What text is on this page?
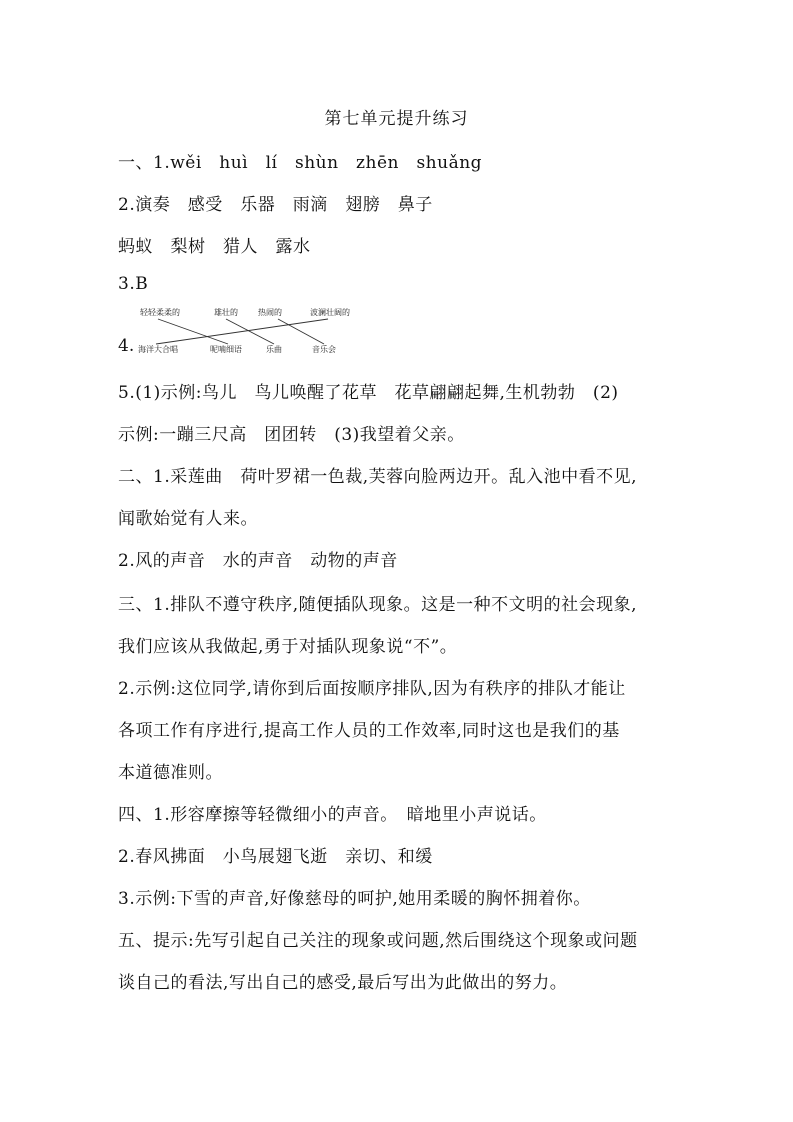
第七单元提升练习
一、1.wěi　huì　lí　shùn　zhēn　shuǎng
2.演奏　感受　乐器　雨滴　翅膀　鼻子
蚂蚁　梨树　猎人　露水
3.B
轻轻柔柔的	雄壮的	热闹的	波澜壮阔的
海洋大合唱	呢喃细语	乐曲	音乐会
4.
5.(1)示例:鸟儿　鸟儿唤醒了花草　花草翩翩起舞,生机勃勃　(2)
示例:一蹦三尺高　团团转　(3)我望着父亲。
二、1.采莲曲　荷叶罗裙一色裁,芙蓉向脸两边开。乱入池中看不见,
闻歌始觉有人来。
2.风的声音　水的声音　动物的声音
三、1.排队不遵守秩序,随便插队现象。这是一种不文明的社会现象,
我们应该从我做起,勇于对插队现象说“不”。
2.示例:这位同学,请你到后面按顺序排队,因为有秩序的排队才能让
各项工作有序进行,提高工作人员的工作效率,同时这也是我们的基
本道德准则。
四、1.形容摩擦等轻微细小的声音。　暗地里小声说话。
2.春风拂面　小鸟展翅飞逝　亲切、和缓
3.示例:下雪的声音,好像慈母的呵护,她用柔暖的胸怀拥着你。
五、提示:先写引起自己关注的现象或问题,然后围绕这个现象或问题
谈自己的看法,写出自己的感受,最后写出为此做出的努力。
